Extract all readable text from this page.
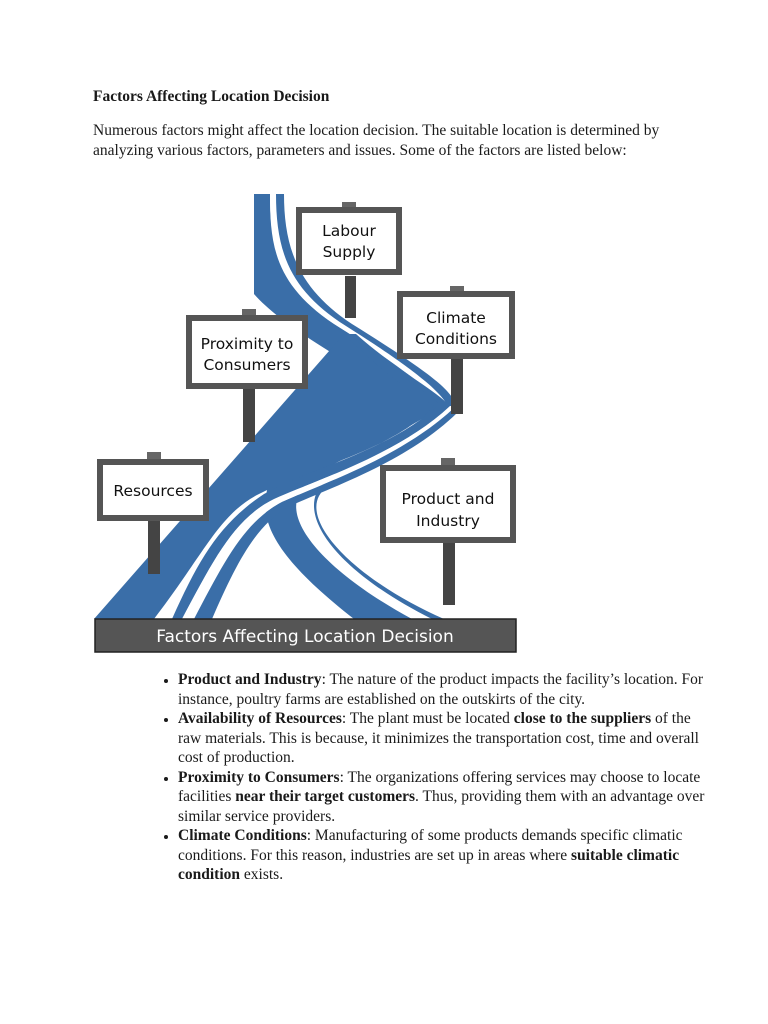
Factors Affecting Location Decision

Numerous factors might affect the location decision. The suitable location is determined by analyzing various factors, parameters and issues. Some of the factors are listed below:

Labour
Supply
Climate
Conditions
Proximity to
Consumers
Resources	Product and
Industry
Factors Affecting Location Decision
• Product and Industry: The nature of the product impacts the facility’s location. For instance, poultry farms are established on the outskirts of the city.
• Availability of Resources: The plant must be located close to the suppliers of the raw materials. This is because, it minimizes the transportation cost, time and overall cost of production.
• Proximity to Consumers: The organizations offering services may choose to locate facilities near their target customers. Thus, providing them with an advantage over similar service providers.
• Climate Conditions: Manufacturing of some products demands specific climatic conditions. For this reason, industries are set up in areas where suitable climatic condition exists.
